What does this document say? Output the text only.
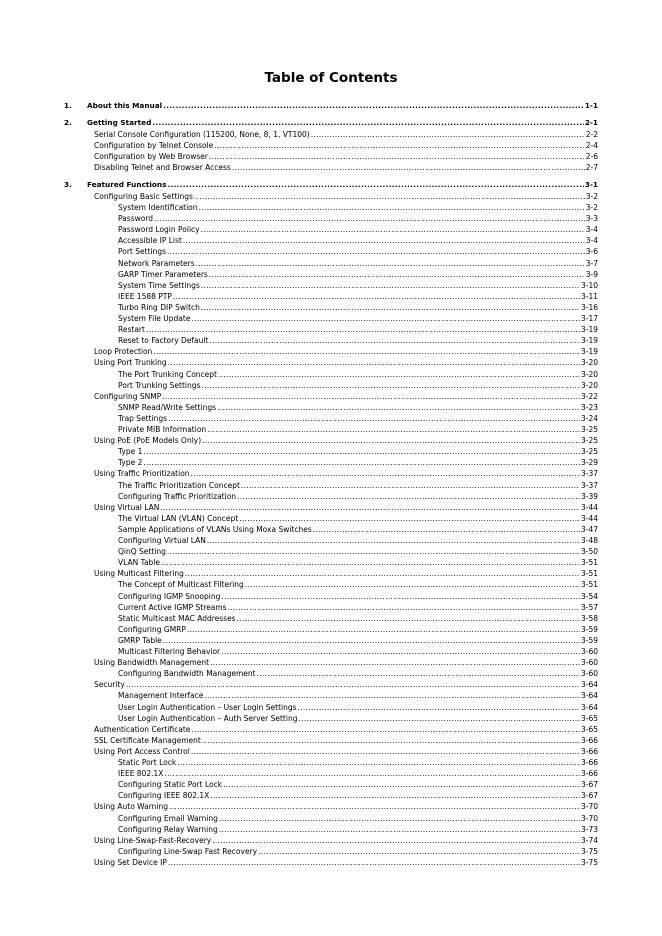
Table of Contents
1. About this Manual .....	1-1
2. Getting Started .....	2-1
Serial Console Configuration (115200, None, 8, 1, VT100) .....	2-2
Configuration by Telnet Console .....	2-4
Configuration by Web Browser .....	2-6
Disabling Telnet and Browser Access .....	2-7
3. Featured Functions .....	3-1
Configuring Basic Settings .....	3-2
System Identification .....	3-2
Password .....	3-3
Password Login Policy .....	3-4
Accessible IP List .....	3-4
Port Settings .....	3-6
Network Parameters .....	3-7
GARP Timer Parameters .....	3-9
System Time Settings .....	3-10
IEEE 1588 PTP .....	3-11
Turbo Ring DIP Switch .....	3-16
System File Update .....	3-17
Restart .....	3-19
Reset to Factory Default .....	3-19
Loop Protection .....	3-19
Using Port Trunking .....	3-20
The Port Trunking Concept .....	3-20
Port Trunking Settings .....	3-20
Configuring SNMP .....	3-22
SNMP Read/Write Settings .....	3-23
Trap Settings .....	3-24
Private MIB Information .....	3-25
Using PoE (PoE Models Only) .....	3-25
Type 1 .....	3-25
Type 2 .....	3-29
Using Traffic Prioritization .....	3-37
The Traffic Prioritization Concept .....	3-37
Configuring Traffic Prioritization .....	3-39
Using Virtual LAN .....	3-44
The Virtual LAN (VLAN) Concept .....	3-44
Sample Applications of VLANs Using Moxa Switches .....	3-47
Configuring Virtual LAN .....	3-48
QinQ Setting .....	3-50
VLAN Table .....	3-51
Using Multicast Filtering .....	3-51
The Concept of Multicast Filtering .....	3-51
Configuring IGMP Snooping .....	3-54
Current Active IGMP Streams .....	3-57
Static Multicast MAC Addresses .....	3-58
Configuring GMRP .....	3-59
GMRP Table .....	3-59
Multicast Filtering Behavior .....	3-60
Using Bandwidth Management .....	3-60
Configuring Bandwidth Management .....	3-60
Security .....	3-64
Management Interface .....	3-64
User Login Authentication – User Login Settings .....	3-64
User Login Authentication – Auth Server Setting .....	3-65
Authentication Certificate .....	3-65
SSL Certificate Management .....	3-66
Using Port Access Control .....	3-66
Static Port Lock .....	3-66
IEEE 802.1X .....	3-66
Configuring Static Port Lock .....	3-67
Configuring IEEE 802.1X .....	3-67
Using Auto Warning .....	3-70
Configuring Email Warning .....	3-70
Configuring Relay Warning .....	3-73
Using Line-Swap-Fast-Recovery .....	3-74
Configuring Line-Swap Fast Recovery .....	3-75
Using Set Device IP .....	3-75
